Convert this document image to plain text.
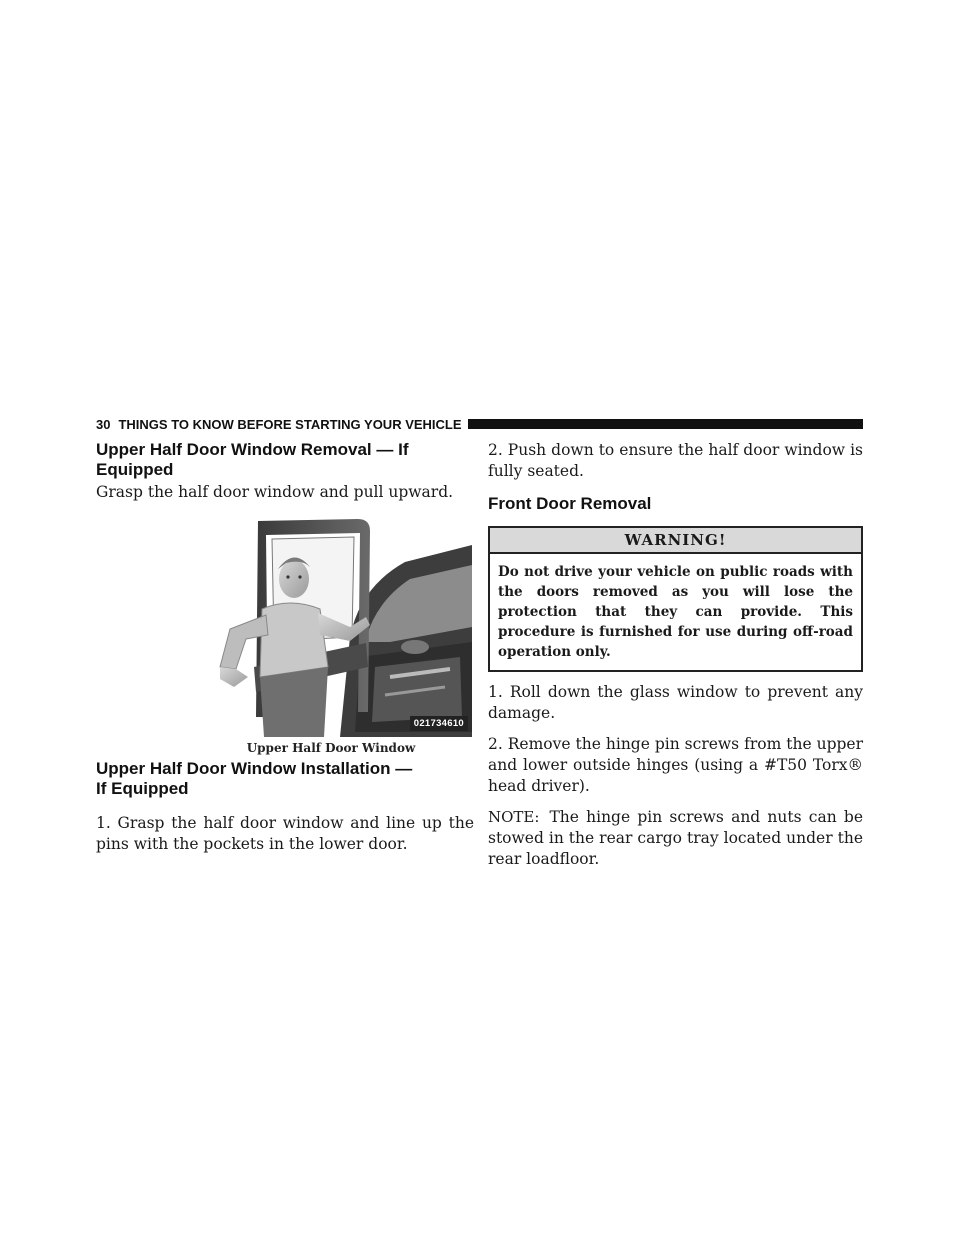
30 THINGS TO KNOW BEFORE STARTING YOUR VEHICLE
Upper Half Door Window Removal — If Equipped

Grasp the half door window and pull upward.

021734610
Upper Half Door Window
Upper Half Door Window Installation — If Equipped

1. Grasp the half door window and line up the pins with the pockets in the lower door.

2. Push down to ensure the half door window is fully seated.

Front Door Removal
WARNING!
Do not drive your vehicle on public roads with the doors removed as you will lose the protection that they can provide. This procedure is furnished for use during off-road operation only.

1. Roll down the glass window to prevent any damage.

2. Remove the hinge pin screws from the upper and lower outside hinges (using a #T50 Torx® head driver).

NOTE: The hinge pin screws and nuts can be stowed in the rear cargo tray located under the rear loadfloor.
